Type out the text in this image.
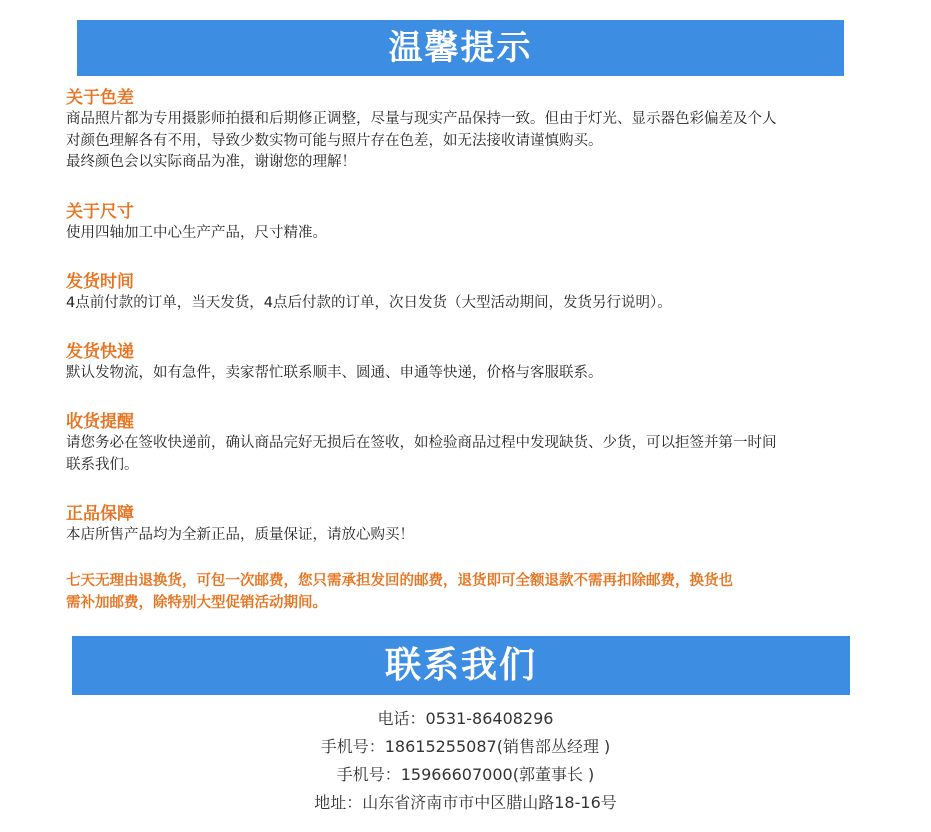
温馨提示
关于色差
商品照片都为专用摄影师拍摄和后期修正调整，尽量与现实产品保持一致。但由于灯光、显示器色彩偏差及个人
对颜色理解各有不用，导致少数实物可能与照片存在色差，如无法接收请谨慎购买。
最终颜色会以实际商品为准，谢谢您的理解！
关于尺寸
使用四轴加工中心生产产品，尺寸精准。
发货时间
4点前付款的订单，当天发货，4点后付款的订单，次日发货（大型活动期间，发货另行说明）。
发货快递
默认发物流，如有急件，卖家帮忙联系顺丰、圆通、申通等快递，价格与客服联系。
收货提醒
请您务必在签收快递前，确认商品完好无损后在签收，如检验商品过程中发现缺货、少货，可以拒签并第一时间
联系我们。
正品保障
本店所售产品均为全新正品，质量保证，请放心购买！
七天无理由退换货，可包一次邮费，您只需承担发回的邮费，退货即可全额退款不需再扣除邮费，换货也
需补加邮费，除特别大型促销活动期间。
联系我们
电话：0531-86408296
手机号：18615255087(销售部丛经理 )
手机号：15966607000(郭董事长 )
地址：山东省济南市市中区腊山路18-16号
